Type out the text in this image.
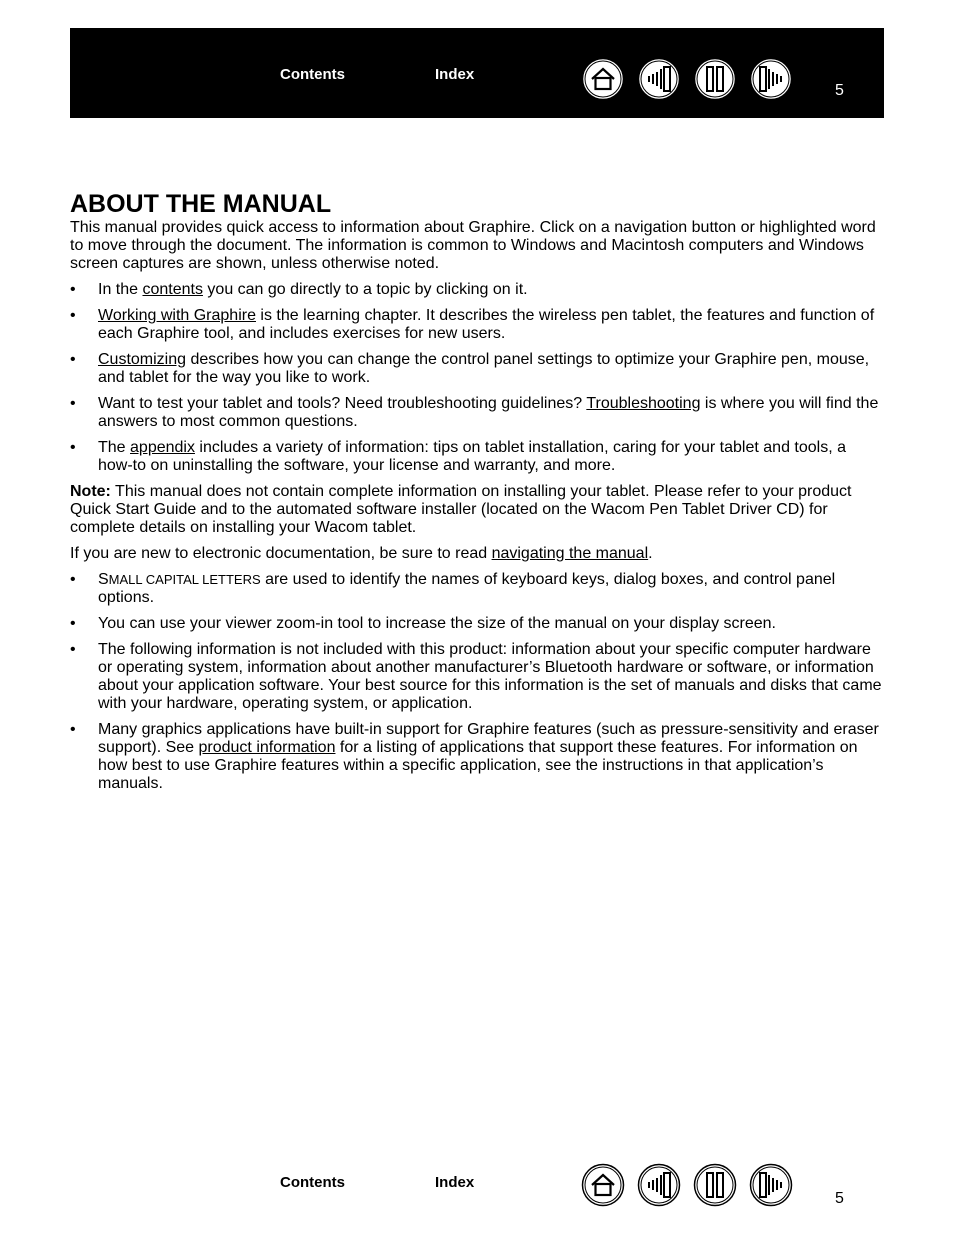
Contents	Index
5
ABOUT THE MANUAL

This manual provides quick access to information about Graphire. Click on a navigation button or highlighted word to move through the document. The information is common to Windows and Macintosh computers and Windows screen captures are shown, unless otherwise noted.

• In the contents you can go directly to a topic by clicking on it.
• Working with Graphire is the learning chapter. It describes the wireless pen tablet, the features and function of each Graphire tool, and includes exercises for new users.
• Customizing describes how you can change the control panel settings to optimize your Graphire pen, mouse, and tablet for the way you like to work.
• Want to test your tablet and tools? Need troubleshooting guidelines? Troubleshooting is where you will find the answers to most common questions.
• The appendix includes a variety of information: tips on tablet installation, caring for your tablet and tools, a how-to on uninstalling the software, your license and warranty, and more.

Note: This manual does not contain complete information on installing your tablet. Please refer to your product Quick Start Guide and to the automated software installer (located on the Wacom Pen Tablet Driver CD) for complete details on installing your Wacom tablet.

If you are new to electronic documentation, be sure to read navigating the manual.

• SMALL CAPITAL LETTERS are used to identify the names of keyboard keys, dialog boxes, and control panel options.
• You can use your viewer zoom-in tool to increase the size of the manual on your display screen.
• The following information is not included with this product: information about your specific computer hardware or operating system, information about another manufacturer’s Bluetooth hardware or software, or information about your application software. Your best source for this information is the set of manuals and disks that came with your hardware, operating system, or application.
• Many graphics applications have built-in support for Graphire features (such as pressure-sensitivity and eraser support). See product information for a listing of applications that support these features. For information on how best to use Graphire features within a specific application, see the instructions in that application’s manuals.
Contents	Index
5
